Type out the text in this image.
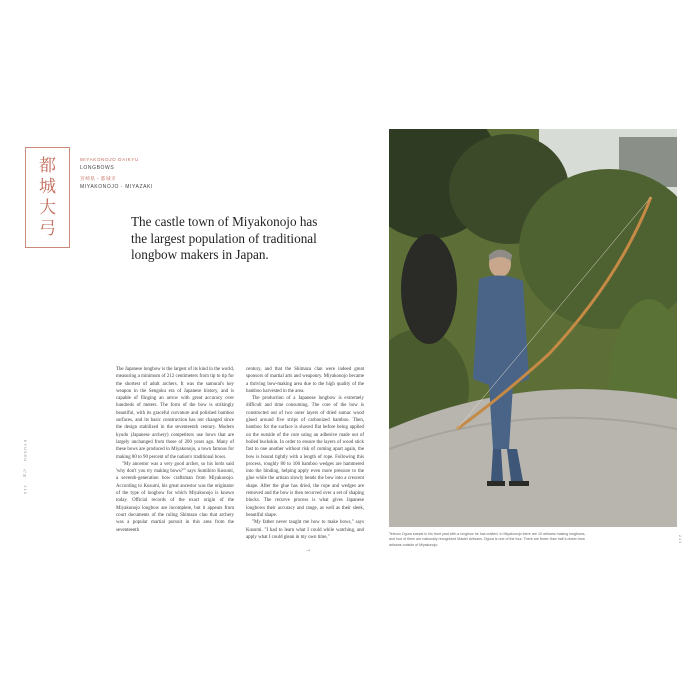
都
城
大
弓
MIYAKONOJO DAIKYU
LONGBOWS
宮崎県・都城市
MIYAKONOJO · MIYAZAKI
The castle town of Miyakonojo has
the largest population of traditional
longbow makers in Japan.

The Japanese longbow is the largest of its kind in the world, measuring a minimum of 212 centimeters from tip to tip for the shortest of adult archers. It was the samurai's key weapon in the Sengoku era of Japanese history, and is capable of flinging an arrow with great accuracy over hundreds of meters. The form of the bow is strikingly beautiful, with its graceful curvature and polished bamboo surfaces, and its basic construction has not changed since the design stabilized in the seventeenth century. Modern kyudo (Japanese archery) competitors use bows that are largely unchanged from those of 200 years ago. Many of these bows are produced in Miyakonojo, a town famous for making 80 to 90 percent of the nation's traditional bows.

"My ancestor was a very good archer, so his lords said 'why don't you try making bows?'" says Sumihiro Kusumi, a seventh-generation bow craftsman from Miyakonojo. According to Kusumi, his great ancestor was the originator of the type of longbow for which Miyakonojo is known today. Official records of the exact origin of the Miyakonojo longbow are incomplete, but it appears from court documents of the ruling Shimazu clan that archery was a popular martial pursuit in this area from the seventeenth

century, and that the Shimazu clan were indeed great sponsors of martial arts and weaponry. Miyakonojo became a thriving bow-making area due to the high quality of the bamboo harvested in the area.

The production of a Japanese longbow is extremely difficult and time consuming. The core of the bow is constructed out of two outer layers of dried sumac wood glued around five strips of carbonized bamboo. Then, bamboo for the surface is shaved flat before being applied on the outside of the core using an adhesive made out of boiled buckskin. In order to ensure the layers of wood stick fast to one another without risk of coming apart again, the bow is bound tightly with a length of rope. Following this process, roughly 80 to 100 bamboo wedges are hammered into the binding, helping apply even more pressure to the glue while the artisan slowly bends the bow into a crescent shape. After the glue has dried, the rope and wedges are removed and the bow is then recurved over a set of shaping blocks. The recurve process is what gives Japanese longbows their accuracy and range, as well as their sleek, beautiful shape.

"My father never taught me how to make bows," says Kusumi. "I had to learn what I could while watching, and apply what I could glean in my own time,"

KYUSHU · 九州 · 213
→
Tetsuro Ogura stands in his front yard with a longbow he has crafted. In Miyakonojo there are 10 artisans making longbows, and four of them are nationally recognized Master Artisans. Ogura is one of the four. There are fewer than half a dozen bow artisans outside of Miyakonojo.
214
